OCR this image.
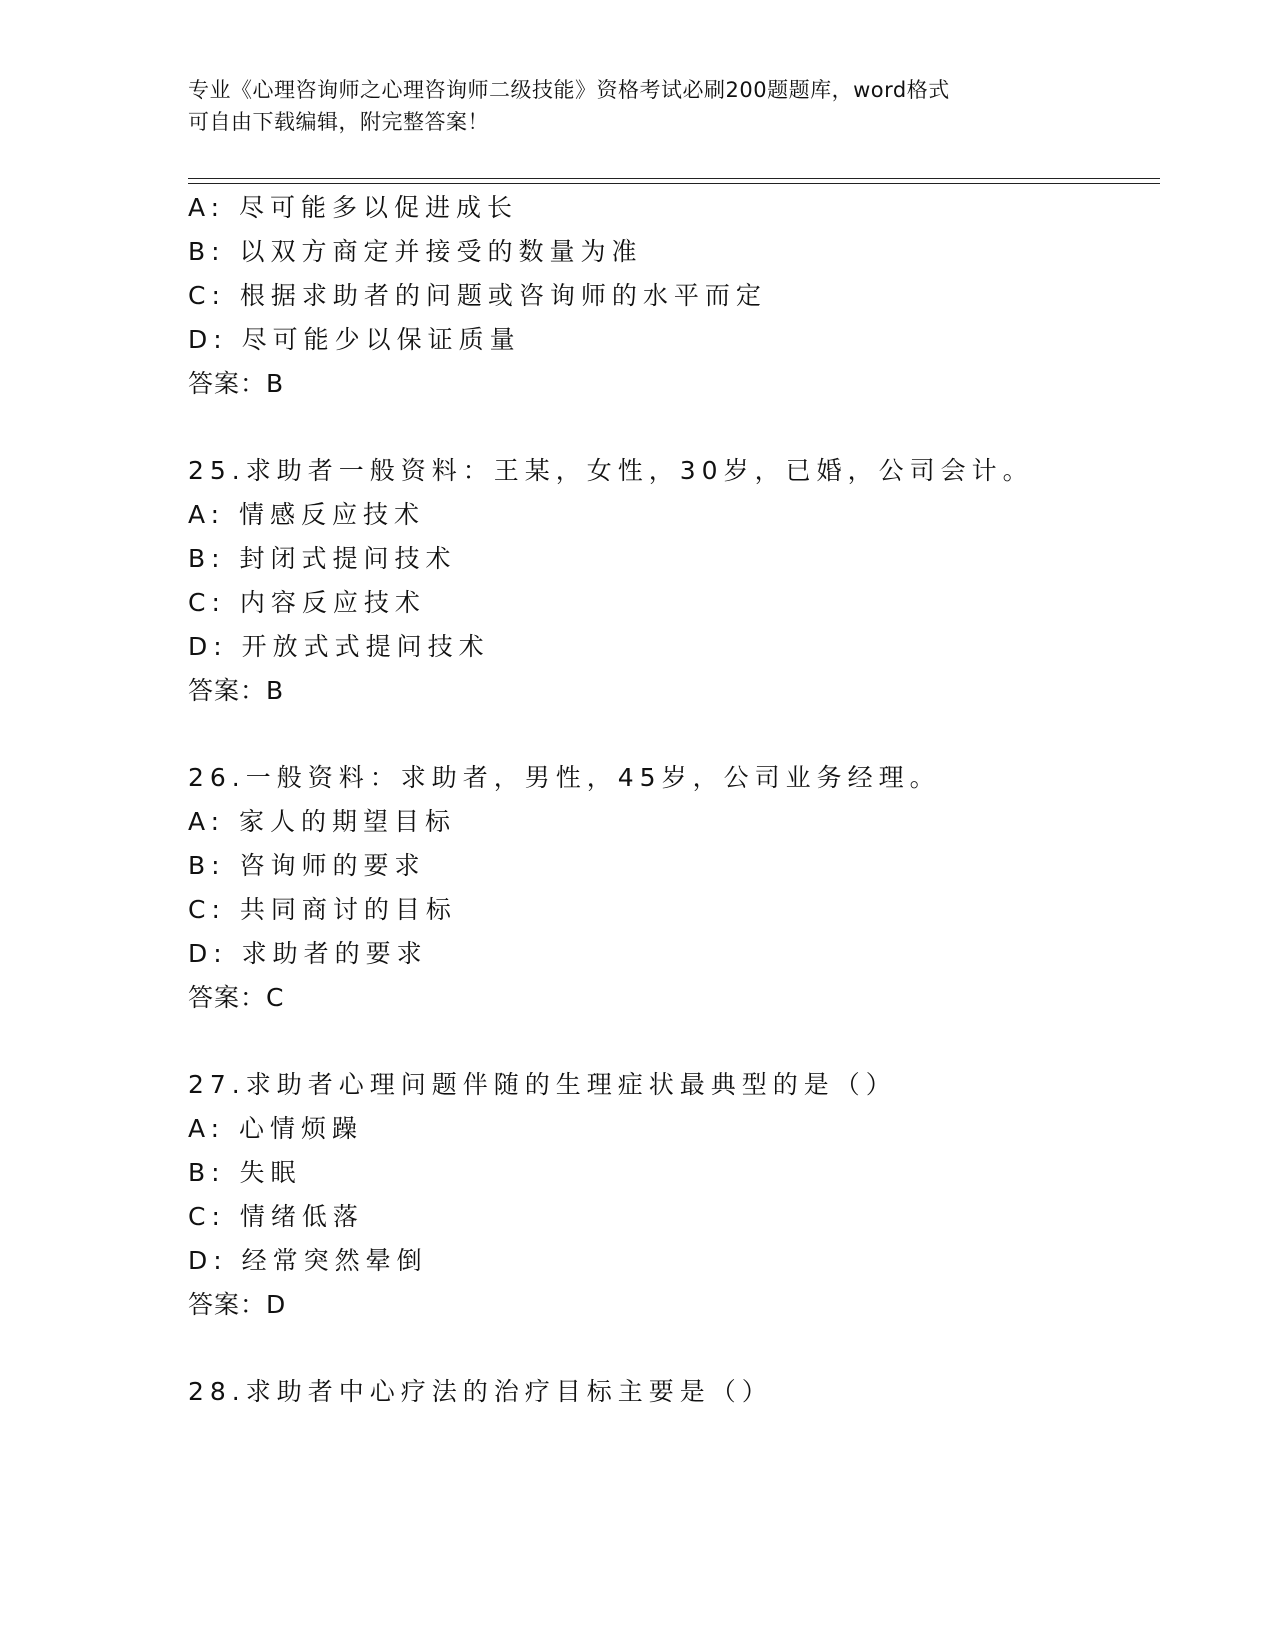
专业《心理咨询师之心理咨询师二级技能》资格考试必刷200题题库，word格式
可自由下载编辑，附完整答案！
A: 尽可能多以促进成长
B: 以双方商定并接受的数量为准
C: 根据求助者的问题或咨询师的水平而定
D: 尽可能少以保证质量
答案：B
25.求助者一般资料：王某，女性，30岁，已婚，公司会计。
A: 情感反应技术
B: 封闭式提问技术
C: 内容反应技术
D: 开放式式提问技术
答案：B
26.一般资料：求助者，男性，45岁，公司业务经理。
A: 家人的期望目标
B: 咨询师的要求
C: 共同商讨的目标
D: 求助者的要求
答案：C
27.求助者心理问题伴随的生理症状最典型的是（）
A: 心情烦躁
B: 失眠
C: 情绪低落
D: 经常突然晕倒
答案：D
28.求助者中心疗法的治疗目标主要是（）
